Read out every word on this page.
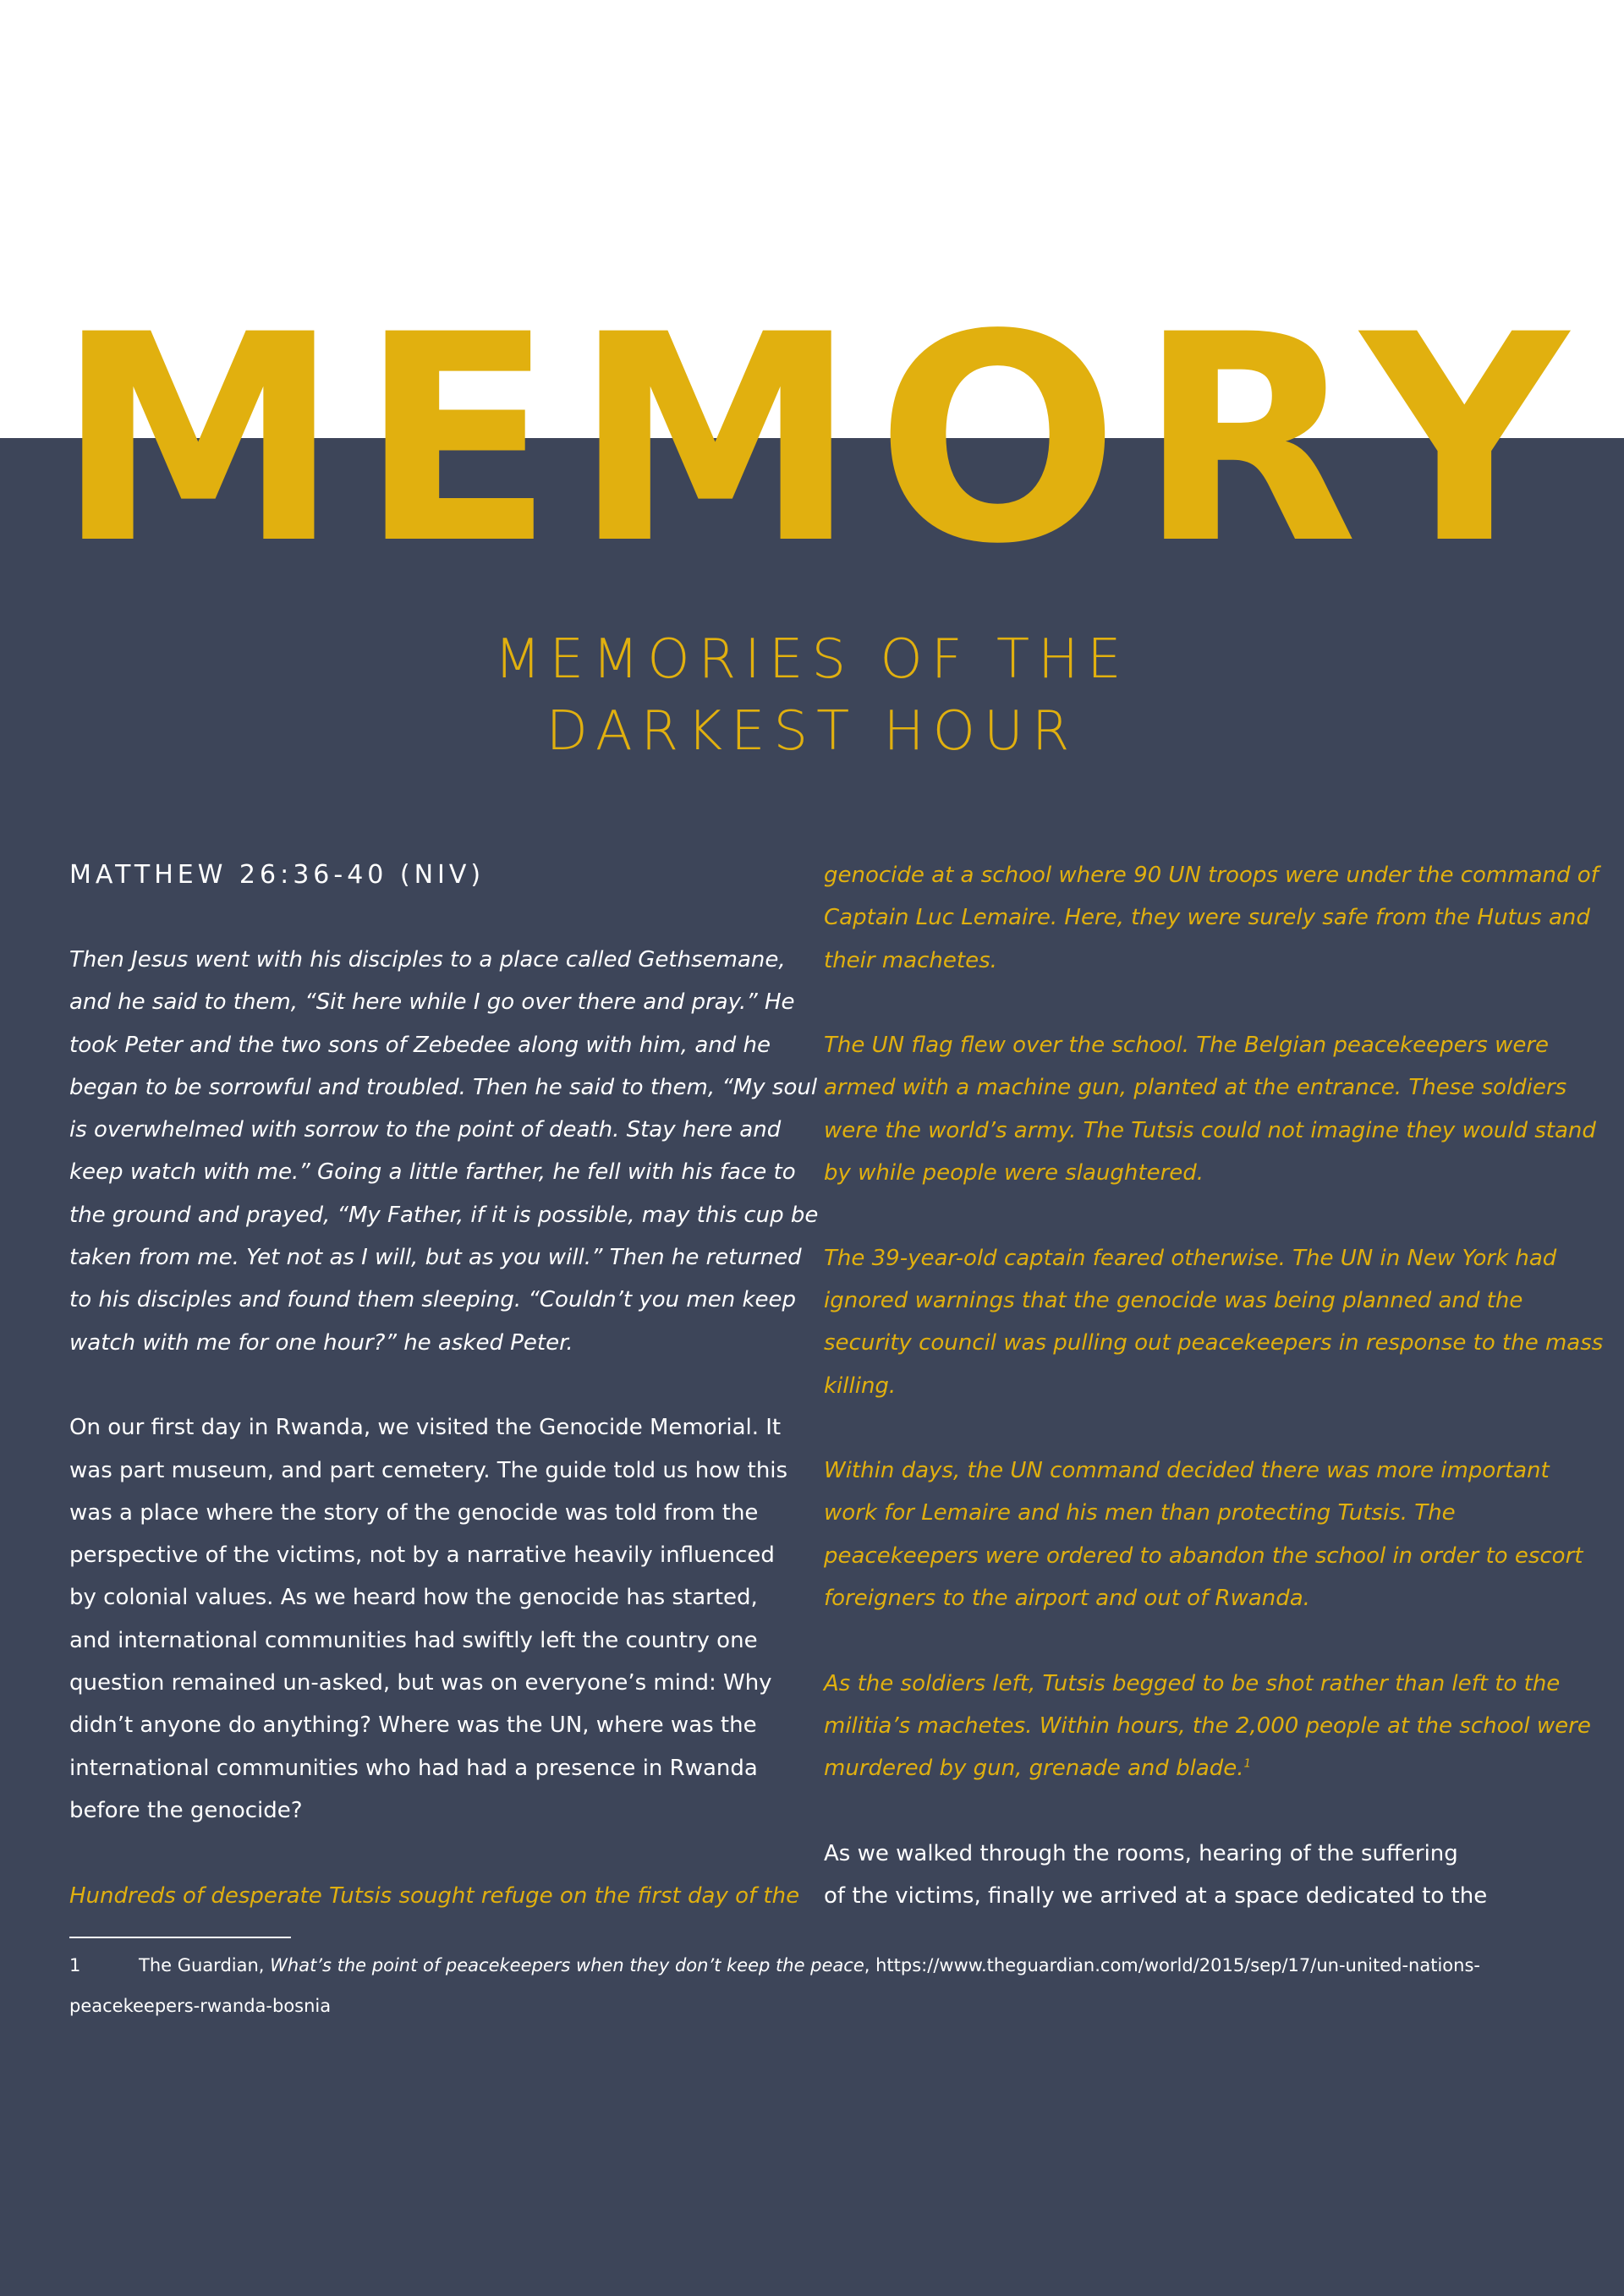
MEMORY
MEMORIES OF THE
DARKEST HOUR
MATTHEW 26:36-40 (NIV)
Then Jesus went with his disciples to a place called Gethsemane,
and he said to them, “Sit here while I go over there and pray.” He
took Peter and the two sons of Zebedee along with him, and he
began to be sorrowful and troubled. Then he said to them, “My soul
is overwhelmed with sorrow to the point of death. Stay here and
keep watch with me.” Going a little farther, he fell with his face to
the ground and prayed, “My Father, if it is possible, may this cup be
taken from me. Yet not as I will, but as you will.” Then he returned
to his disciples and found them sleeping. “Couldn’t you men keep
watch with me for one hour?” he asked Peter.
On our first day in Rwanda, we visited the Genocide Memorial. It
was part museum, and part cemetery. The guide told us how this
was a place where the story of the genocide was told from the
perspective of the victims, not by a narrative heavily influenced
by colonial values. As we heard how the genocide has started,
and international communities had swiftly left the country one
question remained un-asked, but was on everyone’s mind: Why
didn’t anyone do anything? Where was the UN, where was the
international communities who had had a presence in Rwanda
before the genocide?
Hundreds of desperate Tutsis sought refuge on the first day of the
genocide at a school where 90 UN troops were under the command of
Captain Luc Lemaire. Here, they were surely safe from the Hutus and
their machetes.
The UN flag flew over the school. The Belgian peacekeepers were
armed with a machine gun, planted at the entrance. These soldiers
were the world’s army. The Tutsis could not imagine they would stand
by while people were slaughtered.
The 39-year-old captain feared otherwise. The UN in New York had
ignored warnings that the genocide was being planned and the
security council was pulling out peacekeepers in response to the mass
killing.
Within days, the UN command decided there was more important
work for Lemaire and his men than protecting Tutsis. The
peacekeepers were ordered to abandon the school in order to escort
foreigners to the airport and out of Rwanda.
As the soldiers left, Tutsis begged to be shot rather than left to the
militia’s machetes. Within hours, the 2,000 people at the school were
murdered by gun, grenade and blade.$^1$
As we walked through the rooms, hearing of the suffering
of the victims, finally we arrived at a space dedicated to the
1	The Guardian, What’s the point of peacekeepers when they don’t keep the peace, https://www.theguardian.com/world/2015/sep/17/un-united-nations-
peacekeepers-rwanda-bosnia
